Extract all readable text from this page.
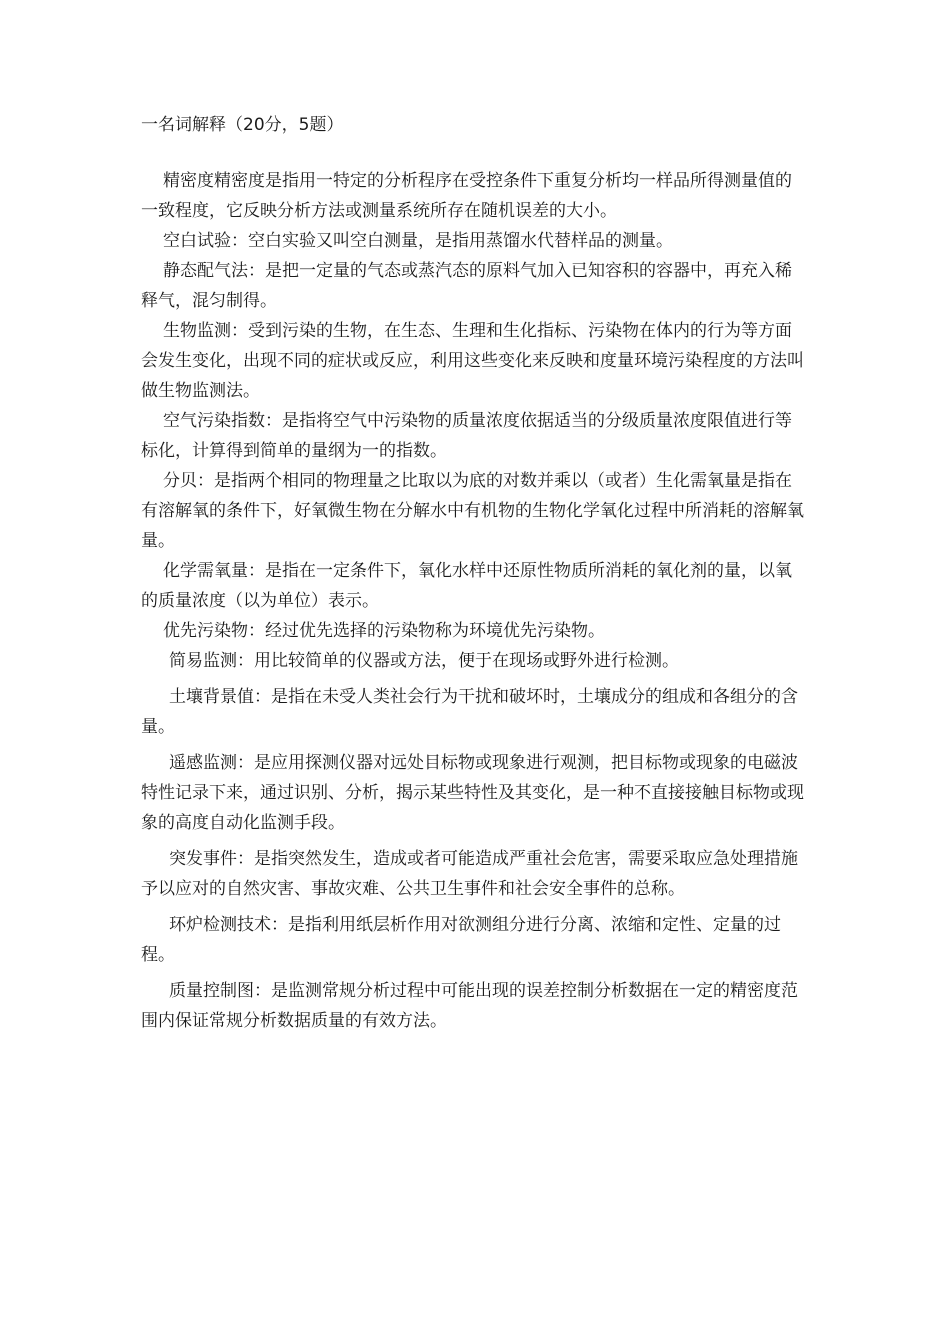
一名词解释（20分，5题）

精密度精密度是指用一特定的分析程序在受控条件下重复分析均一样品所得测量值的一致程度，它反映分析方法或测量系统所存在随机误差的大小。

空白试验：空白实验又叫空白测量，是指用蒸馏水代替样品的测量。

静态配气法：是把一定量的气态或蒸汽态的原料气加入已知容积的容器中，再充入稀释气，混匀制得。

生物监测：受到污染的生物，在生态、生理和生化指标、污染物在体内的行为等方面会发生变化，出现不同的症状或反应，利用这些变化来反映和度量环境污染程度的方法叫做生物监测法。

空气污染指数：是指将空气中污染物的质量浓度依据适当的分级质量浓度限值进行等标化，计算得到简单的量纲为一的指数。

分贝：是指两个相同的物理量之比取以为底的对数并乘以（或者）生化需氧量是指在有溶解氧的条件下，好氧微生物在分解水中有机物的生物化学氧化过程中所消耗的溶解氧量。

化学需氧量：是指在一定条件下，氧化水样中还原性物质所消耗的氧化剂的量，以氧的质量浓度（以为单位）表示。

优先污染物：经过优先选择的污染物称为环境优先污染物。

简易监测：用比较简单的仪器或方法，便于在现场或野外进行检测。

土壤背景值：是指在未受人类社会行为干扰和破坏时，土壤成分的组成和各组分的含量。

遥感监测：是应用探测仪器对远处目标物或现象进行观测，把目标物或现象的电磁波特性记录下来，通过识别、分析，揭示某些特性及其变化，是一种不直接接触目标物或现象的高度自动化监测手段。

突发事件：是指突然发生，造成或者可能造成严重社会危害，需要采取应急处理措施予以应对的自然灾害、事故灾难、公共卫生事件和社会安全事件的总称。

环炉检测技术：是指利用纸层析作用对欲测组分进行分离、浓缩和定性、定量的过程。

质量控制图：是监测常规分析过程中可能出现的误差控制分析数据在一定的精密度范围内保证常规分析数据质量的有效方法。
